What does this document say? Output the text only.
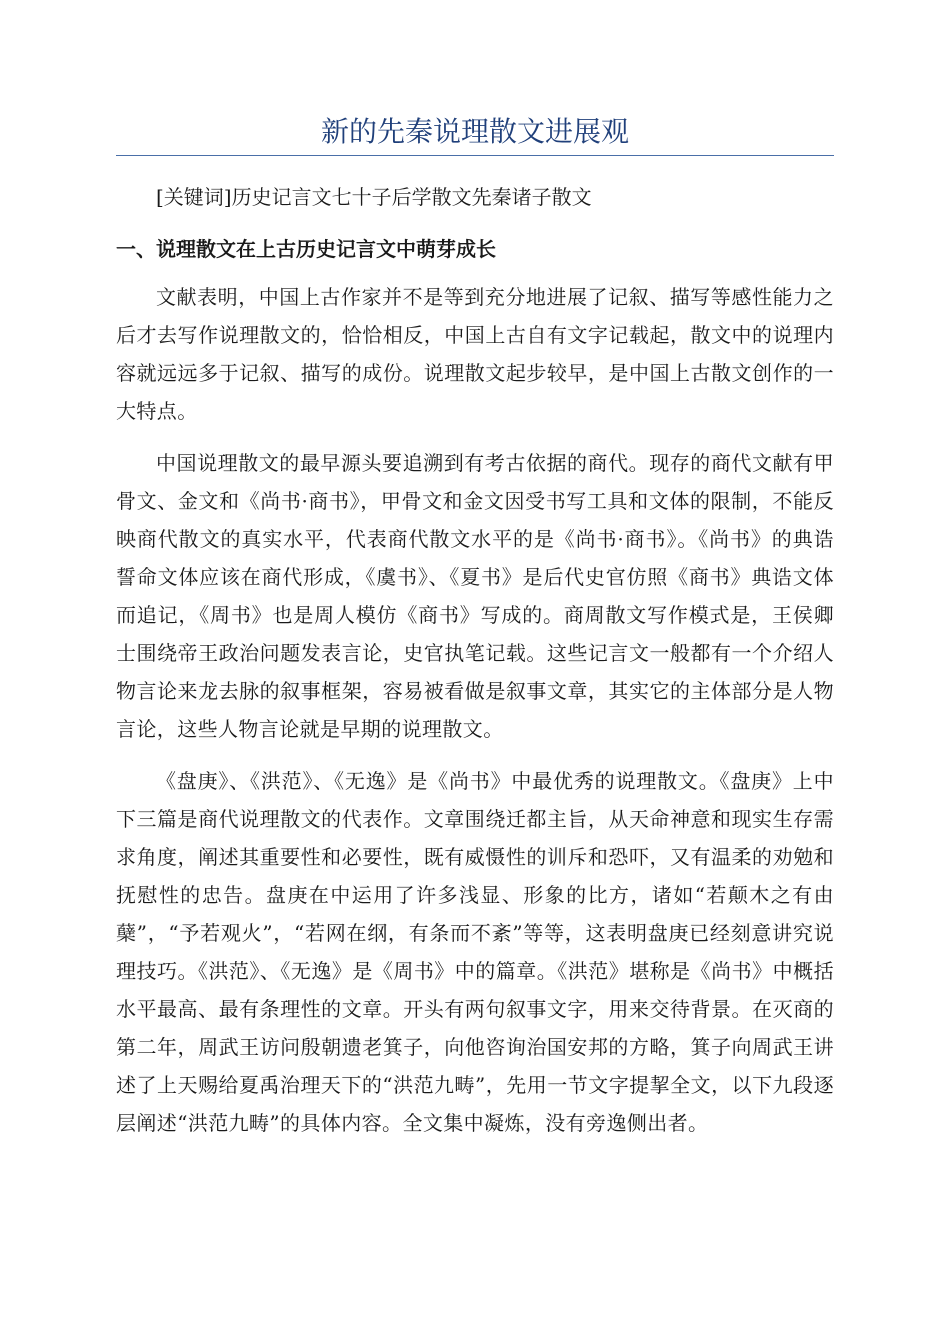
新的先秦说理散文进展观

[关键词]历史记言文七十子后学散文先秦诸子散文

一、说理散文在上古历史记言文中萌芽成长

文献表明，中国上古作家并不是等到充分地进展了记叙、描写等感性能力之后才去写作说理散文的，恰恰相反，中国上古自有文字记载起，散文中的说理内容就远远多于记叙、描写的成份。说理散文起步较早，是中国上古散文创作的一大特点。

中国说理散文的最早源头要追溯到有考古依据的商代。现存的商代文献有甲骨文、金文和《尚书·商书》，甲骨文和金文因受书写工具和文体的限制，不能反映商代散文的真实水平，代表商代散文水平的是《尚书·商书》。《尚书》的典诰誓命文体应该在商代形成，《虞书》、《夏书》是后代史官仿照《商书》典诰文体而追记，《周书》也是周人模仿《商书》写成的。商周散文写作模式是，王侯卿士围绕帝王政治问题发表言论，史官执笔记载。这些记言文一般都有一个介绍人物言论来龙去脉的叙事框架，容易被看做是叙事文章，其实它的主体部分是人物言论，这些人物言论就是早期的说理散文。

《盘庚》、《洪范》、《无逸》是《尚书》中最优秀的说理散文。《盘庚》上中下三篇是商代说理散文的代表作。文章围绕迁都主旨，从天命神意和现实生存需求角度，阐述其重要性和必要性，既有威慑性的训斥和恐吓，又有温柔的劝勉和抚慰性的忠告。盘庚在中运用了许多浅显、形象的比方，诸如“若颠木之有由蘖”，“予若观火”，“若网在纲，有条而不紊”等等，这表明盘庚已经刻意讲究说理技巧。《洪范》、《无逸》是《周书》中的篇章。《洪范》堪称是《尚书》中概括水平最高、最有条理性的文章。开头有两句叙事文字，用来交待背景。在灭商的第二年，周武王访问殷朝遗老箕子，向他咨询治国安邦的方略，箕子向周武王讲述了上天赐给夏禹治理天下的“洪范九畴”，先用一节文字提挈全文，以下九段逐层阐述“洪范九畴”的具体内容。全文集中凝炼，没有旁逸侧出者。
